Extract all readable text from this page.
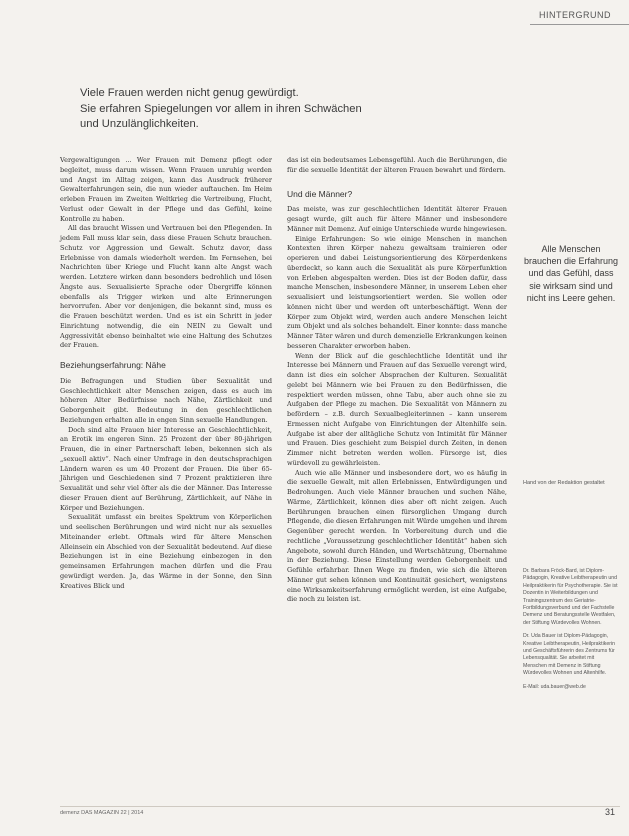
HINTERGRUND
Viele Frauen werden nicht genug gewürdigt.
Sie erfahren Spiegelungen vor allem in ihren Schwächen
und Unzulänglichkeiten.

Vergewaltigungen ... Wer Frauen mit Demenz pflegt oder begleitet, muss darum wissen. Wenn Frauen unruhig werden und Angst im Alltag zeigen, kann das Ausdruck früherer Gewalterfahrungen sein, die nun wieder auftauchen. Im Heim erleben Frauen im Zweiten Weltkrieg die Vertreibung, Flucht, Verlust oder Gewalt in der Pflege und das Gefühl, keine Kontrolle zu haben.

All das braucht Wissen und Vertrauen bei den Pflegenden. In jedem Fall muss klar sein, dass diese Frauen Schutz brauchen. Schutz vor Aggression und Gewalt. Schutz davor, dass Erlebnisse von damals wiederholt werden. Im Fernsehen, bei Nachrichten über Kriege und Flucht kann alte Angst wach werden. Letztere wirken dann besonders bedrohlich und lösen Ängste aus. Sexualisierte Sprache oder Übergriffe können ebenfalls als Trigger wirken und alte Erinnerungen hervorrufen. Aber vor denjenigen, die bekannt sind, muss es die Frauen beschützt werden. Und es ist ein Schritt in jeder Einrichtung notwendig, die ein NEIN zu Gewalt und Aggressivität ebenso beinhaltet wie eine Haltung des Schutzes der Frauen.

Beziehungserfahrung: Nähe

Die Befragungen und Studien über Sexualität und Geschlechtlichkeit alter Menschen zeigen, dass es auch im höheren Alter Bedürfnisse nach Nähe, Zärtlichkeit und Geborgenheit gibt. Bedeutung in den geschlechtlichen Beziehungen erhalten alle in engen Sinn sexuelle Handlungen.

Doch sind alte Frauen hier Interesse an Geschlechtlichkeit, an Erotik im engeren Sinn. 25 Prozent der über 80-jährigen Frauen, die in einer Partnerschaft leben, bekennen sich als „sexuell aktiv“. Nach einer Umfrage in den deutschsprachigen Ländern waren es um 40 Prozent der Frauen. Die über 65-Jährigen und Geschiedenen sind 7 Prozent praktizieren ihre Sexualität und sehr viel öfter als die der Männer. Das Interesse dieser Frauen dient auf Berührung, Zärtlichkeit, auf Nähe in Körper und Beziehungen.

Sexualität umfasst ein breites Spektrum von Körperlichen und seelischen Berührungen und wird nicht nur als sexuelles Miteinander erlebt. Oftmals wird für ältere Menschen Alleinsein ein Abschied von der Sexualität bedeutend. Auf diese Beziehungen ist in eine Beziehung einbezogen in den gemeinsamen Erfahrungen machen dürfen und die Frau gewürdigt werden. Ja, das Wärme in der Sonne, den Sinn Kreatives Blick und

das ist ein bedeutsames Lebensgefühl. Auch die Berührungen, die für die sexuelle Identität der älteren Frauen bewahrt und fördern.

Und die Männer?

Das meiste, was zur geschlechtlichen Identität älterer Frauen gesagt wurde, gilt auch für ältere Männer und insbesondere Männer mit Demenz. Auf einige Unterschiede wurde hingewiesen.

Einige Erfahrungen: So wie einige Menschen in manchen Kontexten ihren Körper nahezu gewaltsam trainieren oder operieren und dabei Leistungsorientierung des Körperdenkens überdeckt, so kann auch die Sexualität als pure Körperfunktion von Erleben abgespalten werden. Dies ist der Boden dafür, dass manche Menschen, insbesondere Männer, in unserem Leben eher sexualisiert und leistungsorientiert werden. Sie wollen oder können nicht über und werden oft unterbeschäftigt. Wenn der Körper zum Objekt wird, werden auch andere Menschen leicht zum Objekt und als solches behandelt. Einer konnte: dass manche Männer Täter wären und durch demenzielle Erkrankungen keinen besseren Charakter erworben haben.

Wenn der Blick auf die geschlechtliche Identität und ihr Interesse bei Männern und Frauen auf das Sexuelle verengt wird, dann ist dies ein solcher Absprachen der Kulturen. Sexualität gelebt bei Männern wie bei Frauen zu den Bedürfnissen, die respektiert werden müssen, ohne Tabu, aber auch ohne sie zu Aufgaben der Pflege zu machen. Die Sexualität von Männern zu befördern – z.B. durch Sexualbegleiterinnen – kann unserem Ermessen nicht Aufgabe von Einrichtungen der Altenhilfe sein. Aufgabe ist aber der alltägliche Schutz von Intimität für Männer und Frauen. Dies geschieht zum Beispiel durch Zeiten, in denen Zimmer nicht betreten werden wollen. Fürsorge ist, dies würdevoll zu gewährleisten.

Auch wie alle Männer und insbesondere dort, wo es häufig in die sexuelle Gewalt, mit allen Erlebnissen, Entwürdigungen und Bedrohungen. Auch viele Männer brauchen und suchen Nähe, Wärme, Zärtlichkeit, können dies aber oft nicht zeigen. Auch Berührungen brauchen einen fürsorglichen Umgang durch Pflegende, die diesen Erfahrungen mit Würde umgehen und ihrem Gegenüber gerecht werden. In Vorbereitung durch und die rechtliche „Voraussetzung geschlechtlicher Identität“ haben sich Angebote, sowohl durch Händen, und Wertschätzung, Übernahme in der Beziehung. Diese Einstellung werden Geborgenheit und Gefühle erfahrbar. Ihnen Wege zu finden, wie sich die älteren Männer gut sehen können und Kontinuität gesichert, wenigstens eine Wirksamkeitserfahrung ermöglicht werden, ist eine Aufgabe, die noch zu leisten ist.

Alle Menschen brauchen die Erfahrung und das Gefühl, dass sie wirksam sind und nicht ins Leere gehen.
Hand von der Redaktion gestaltet

Dr. Barbara Fröck-Bard, ist Diplom-Pädagogin, Kreative Leibtherapeutin und Heilpraktikerin für Psychotherapie. Sie ist Dozentin in Weiterbildungen und Trainingszentrum des Geriatrie-Fortbildungsverbund und der Fachstelle Demenz und Beratungsstelle Westfalen, der Stiftung Würdevolles Wohnen.

Dr. Uda Bauer ist Diplom-Pädagogin, Kreative Leibtherapeutin, Heilpraktikerin und Geschäftsführerin des Zentrums für Lebensqualität. Sie arbeitet mit Menschen mit Demenz in Stiftung Würdevolles Wohnen und Altenhilfe.

E-Mail: uda.bauer@web.de

demenz DAS MAGAZIN 22 | 2014	31
